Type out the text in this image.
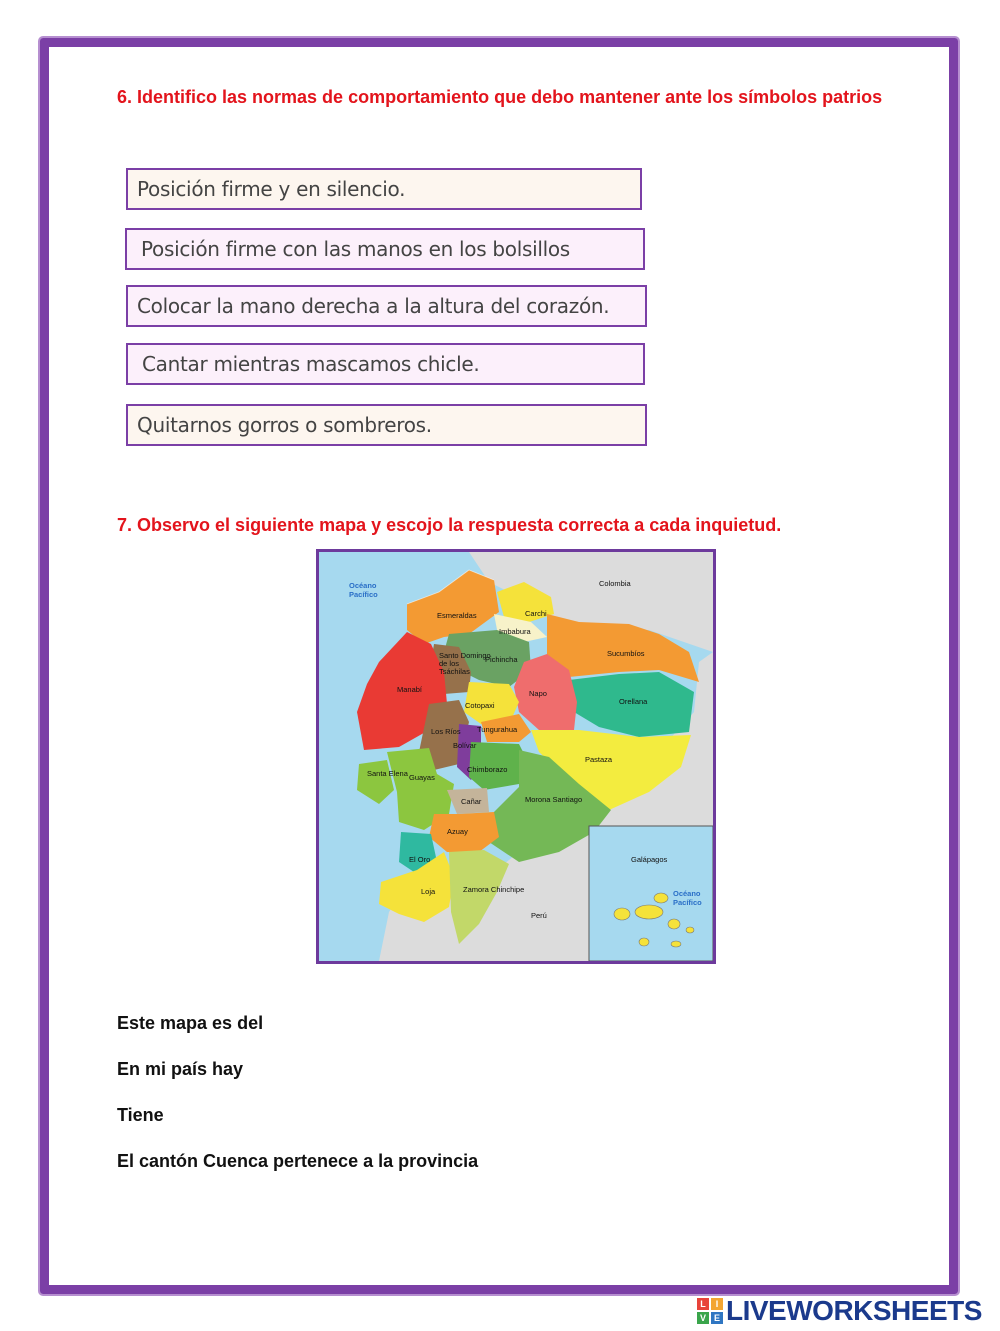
6. Identifico las normas de comportamiento que debo mantener ante los símbolos patrios
Posición firme y en silencio.
Posición firme con las manos en los bolsillos
Colocar la mano derecha a la altura del corazón.
Cantar mientras mascamos chicle.
Quitarnos gorros o sombreros.
7. Observo el siguiente mapa y escojo la respuesta correcta a cada inquietud.
Océano Pacífico
Colombia
Perú
Galápagos
Océano Pacífico
Esmeraldas	Carchi
Imbabura
Pichincha
Santo Domingo de los Tsáchilas
Sucumbíos
Orellana
Napo
Manabí
Cotopaxi
Tungurahua
Los Ríos
Bolívar
Pastaza
Santa Elena Guayas
Chimborazo
Cañar	Morona Santiago
Azuay
El Oro
Loja	Zamora Chinchipe
Este mapa es del
En mi país hay
Tiene
El cantón Cuenca pertenece a la provincia
L	I
V E LIVEWORKSHEETS
